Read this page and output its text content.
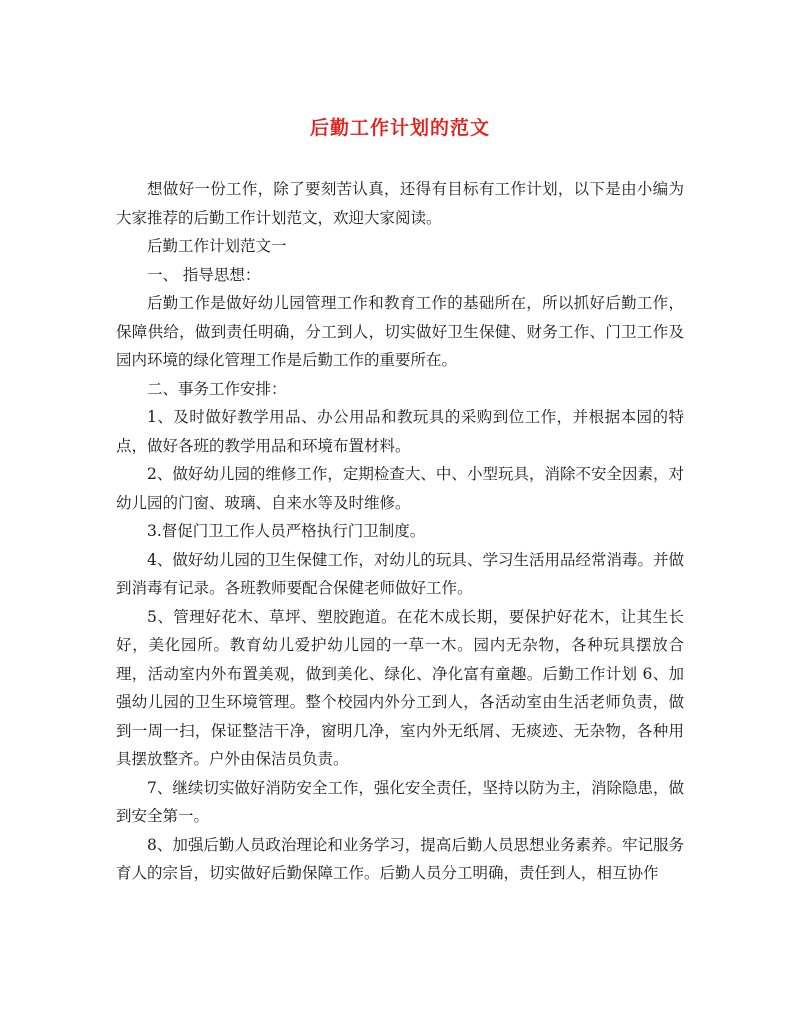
后勤工作计划的范文

想做好一份工作，除了要刻苦认真，还得有目标有工作计划，以下是由小编为大家推荐的后勤工作计划范文，欢迎大家阅读。

后勤工作计划范文一

一、 指导思想：

后勤工作是做好幼儿园管理工作和教育工作的基础所在，所以抓好后勤工作，保障供给，做到责任明确，分工到人，切实做好卫生保健、财务工作、门卫工作及园内环境的绿化管理工作是后勤工作的重要所在。

二、事务工作安排：

1、及时做好教学用品、办公用品和教玩具的采购到位工作，并根据本园的特点，做好各班的教学用品和环境布置材料。

2、做好幼儿园的维修工作，定期检查大、中、小型玩具，消除不安全因素，对幼儿园的门窗、玻璃、自来水等及时维修。

3.督促门卫工作人员严格执行门卫制度。

4、做好幼儿园的卫生保健工作，对幼儿的玩具、学习生活用品经常消毒。并做到消毒有记录。各班教师要配合保健老师做好工作。

5、管理好花木、草坪、塑胶跑道。在花木成长期，要保护好花木，让其生长好，美化园所。教育幼儿爱护幼儿园的一草一木。园内无杂物，各种玩具摆放合理，活动室内外布置美观，做到美化、绿化、净化富有童趣。后勤工作计划 6、加强幼儿园的卫生环境管理。整个校园内外分工到人，各活动室由生活老师负责，做到一周一扫，保证整洁干净，窗明几净，室内外无纸屑、无痰迹、无杂物，各种用具摆放整齐。户外由保洁员负责。

7、继续切实做好消防安全工作，强化安全责任，坚持以防为主，消除隐患，做到安全第一。

8、加强后勤人员政治理论和业务学习，提高后勤人员思想业务素养。牢记服务育人的宗旨，切实做好后勤保障工作。后勤人员分工明确，责任到人，相互协作
